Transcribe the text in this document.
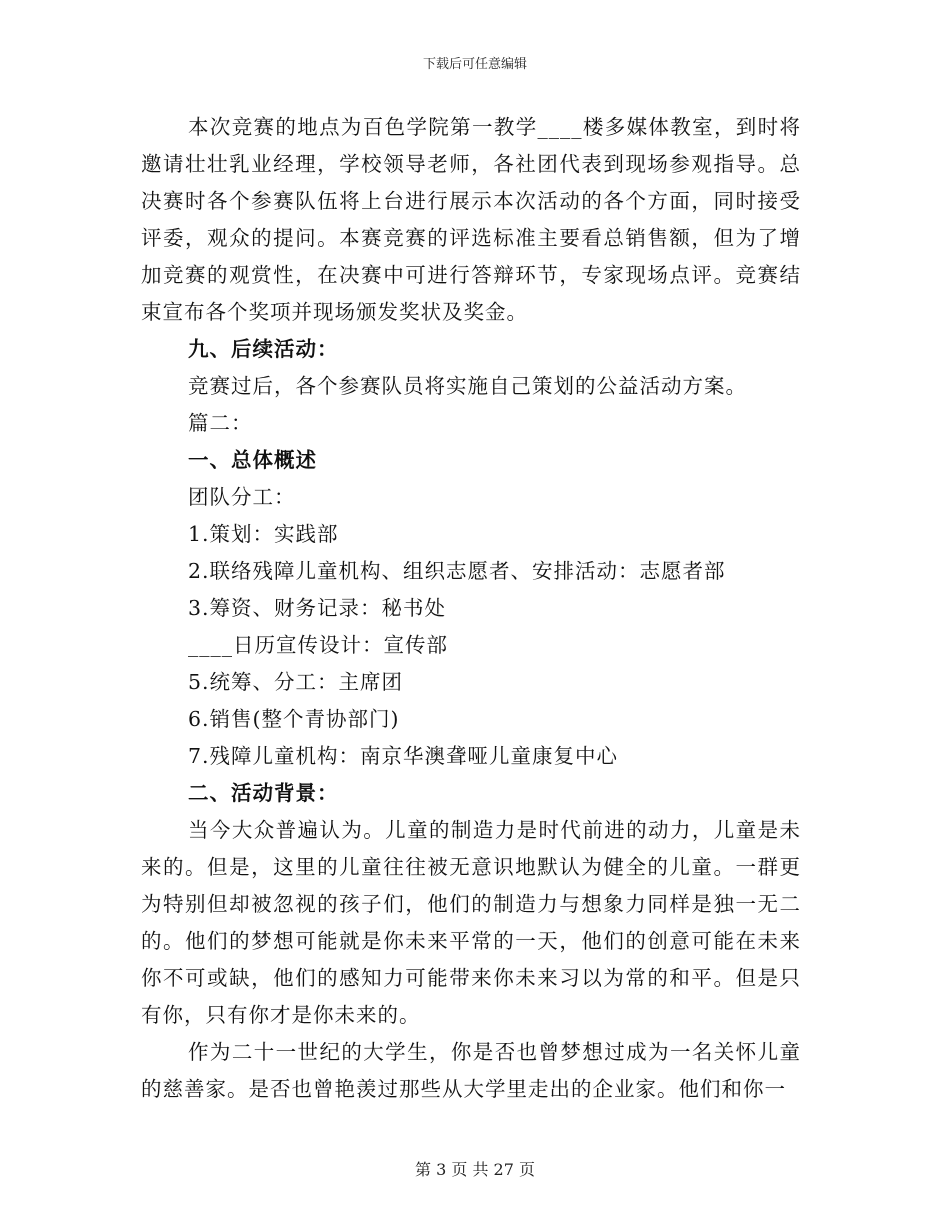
下载后可任意编辑

本次竞赛的地点为百色学院第一教学____楼多媒体教室，到时将邀请壮壮乳业经理，学校领导老师，各社团代表到现场参观指导。总决赛时各个参赛队伍将上台进行展示本次活动的各个方面，同时接受评委，观众的提问。本赛竞赛的评选标准主要看总销售额，但为了增加竞赛的观赏性，在决赛中可进行答辩环节，专家现场点评。竞赛结束宣布各个奖项并现场颁发奖状及奖金。

九、后续活动：

竞赛过后，各个参赛队员将实施自己策划的公益活动方案。

篇二：

一、总体概述

团队分工：

1.策划：实践部

2.联络残障儿童机构、组织志愿者、安排活动：志愿者部

3.筹资、财务记录：秘书处

____日历宣传设计：宣传部

5.统筹、分工：主席团

6.销售(整个青协部门)

7.残障儿童机构：南京华澳聋哑儿童康复中心

二、活动背景：

当今大众普遍认为。儿童的制造力是时代前进的动力，儿童是未来的。但是，这里的儿童往往被无意识地默认为健全的儿童。一群更为特别但却被忽视的孩子们，他们的制造力与想象力同样是独一无二的。他们的梦想可能就是你未来平常的一天，他们的创意可能在未来你不可或缺，他们的感知力可能带来你未来习以为常的和平。但是只有你，只有你才是你未来的。

作为二十一世纪的大学生，你是否也曾梦想过成为一名关怀儿童的慈善家。是否也曾艳羡过那些从大学里走出的企业家。他们和你一

第 3 页 共 27 页
